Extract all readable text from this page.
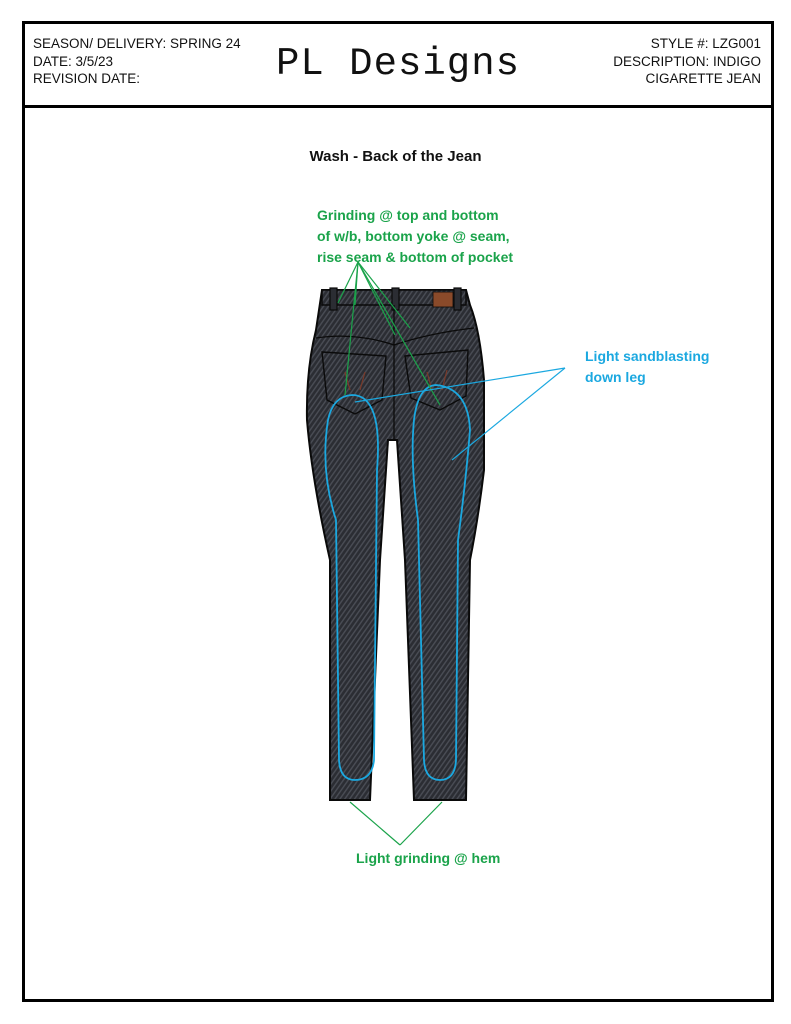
SEASON/ DELIVERY: SPRING 24
DATE: 3/5/23
REVISION DATE:	PL Designs	STYLE #: LZG001
DESCRIPTION: INDIGO
CIGARETTE JEAN
Wash - Back of the Jean
Grinding @ top and bottom
of w/b, bottom yoke @ seam,
rise seam & bottom of pocket
Light sandblasting
down leg
Light grinding @ hem
